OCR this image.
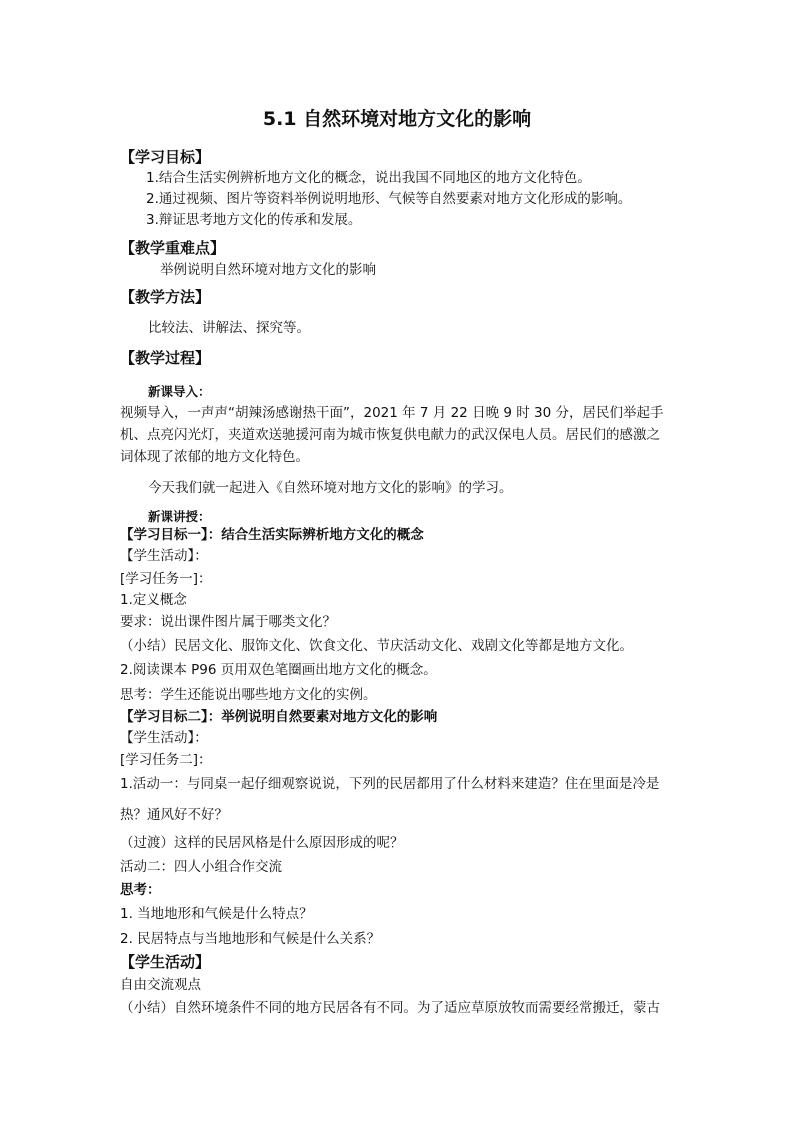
5.1 自然环境对地方文化的影响
【学习目标】
1.结合生活实例辨析地方文化的概念，说出我国不同地区的地方文化特色。
2.通过视频、图片等资料举例说明地形、气候等自然要素对地方文化形成的影响。
3.辩证思考地方文化的传承和发展。
【教学重难点】
举例说明自然环境对地方文化的影响
【教学方法】
比较法、讲解法、探究等。
【教学过程】
新课导入：
视频导入，一声声“胡辣汤感谢热干面”，2021 年 7 月 22 日晚 9 时 30 分，居民们举起手
机、点亮闪光灯，夹道欢送驰援河南为城市恢复供电献力的武汉保电人员。居民们的感激之
词体现了浓郁的地方文化特色。
今天我们就一起进入《自然环境对地方文化的影响》的学习。
新课讲授：
【学习目标一】：结合生活实际辨析地方文化的概念
【学生活动】：
[学习任务一]：
1.定义概念
要求：说出课件图片属于哪类文化？
（小结）民居文化、服饰文化、饮食文化、节庆活动文化、戏剧文化等都是地方文化。
2.阅读课本 P96 页用双色笔圈画出地方文化的概念。
思考：学生还能说出哪些地方文化的实例。
【学习目标二】：举例说明自然要素对地方文化的影响
【学生活动】：
[学习任务二]：
1.活动一：与同桌一起仔细观察说说，下列的民居都用了什么材料来建造？住在里面是冷是
热？通风好不好？
（过渡）这样的民居风格是什么原因形成的呢？
活动二：四人小组合作交流
思考：
1. 当地地形和气候是什么特点？
2. 民居特点与当地地形和气候是什么关系？
【学生活动】
自由交流观点
（小结）自然环境条件不同的地方民居各有不同。为了适应草原放牧而需要经常搬迁，蒙古
